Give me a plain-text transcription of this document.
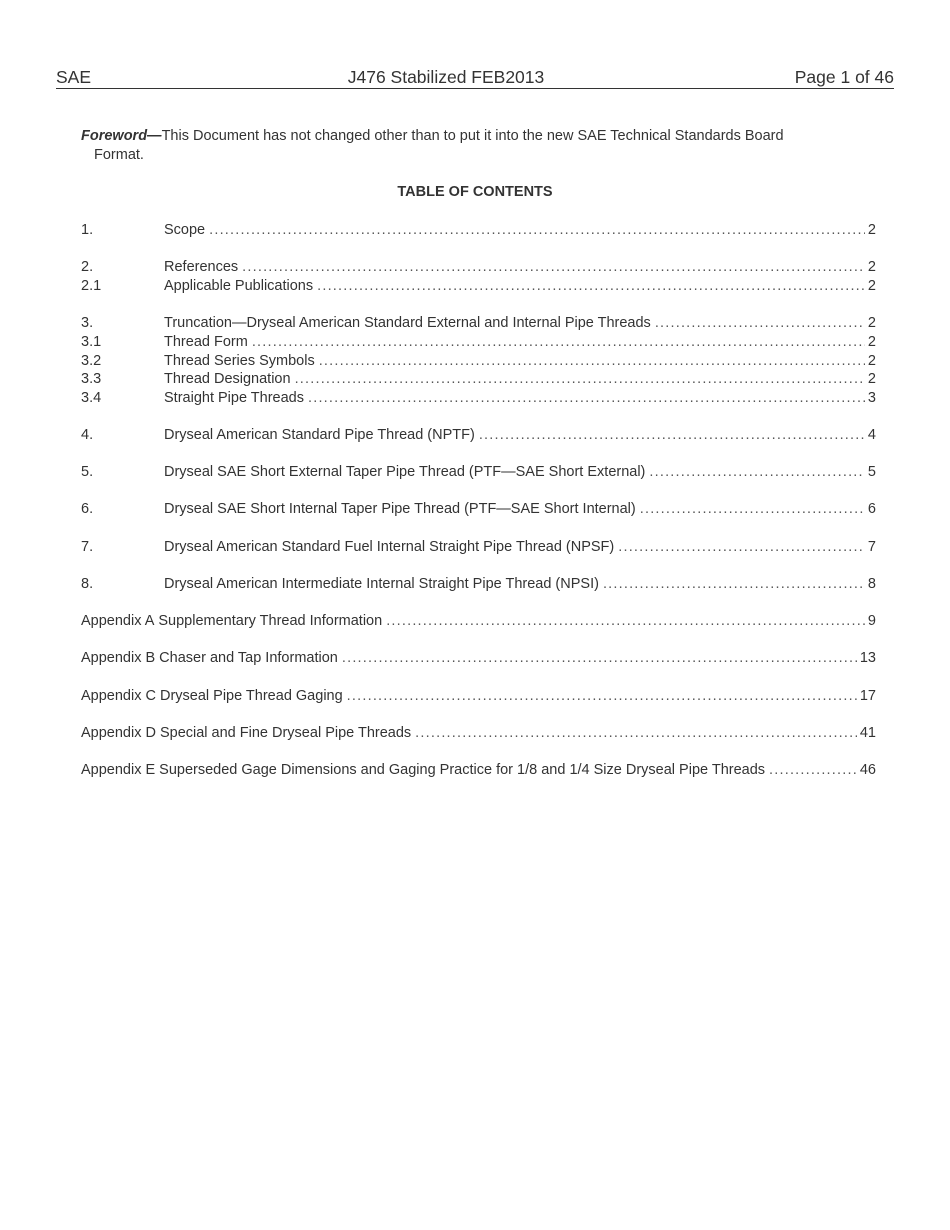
SAE	J476 Stabilized FEB2013	Page 1 of 46
Foreword—This Document has not changed other than to put it into the new SAE Technical Standards Board
Format.
TABLE OF CONTENTS
1.	Scope .....	2
2.	References .....	2
2.1	Applicable Publications .....	2
3.	Truncation—Dryseal American Standard External and Internal Pipe Threads .....	2
3.1	Thread Form .....	2
3.2	Thread Series Symbols .....	2
3.3	Thread Designation .....	2
3.4	Straight Pipe Threads .....	3
4.	Dryseal American Standard Pipe Thread (NPTF) .....	4
5.	Dryseal SAE Short External Taper Pipe Thread (PTF—SAE Short External) .....	5
6.	Dryseal SAE Short Internal Taper Pipe Thread (PTF—SAE Short Internal) .....	6
7.	Dryseal American Standard Fuel Internal Straight Pipe Thread (NPSF) .....	7
8.	Dryseal American Intermediate Internal Straight Pipe Thread (NPSI) .....	8
Appendix A Supplementary Thread Information .....	9
Appendix B Chaser and Tap Information .....	13
Appendix C Dryseal Pipe Thread Gaging .....	17
Appendix D Special and Fine Dryseal Pipe Threads .....	41
Appendix E Superseded Gage Dimensions and Gaging Practice for 1/8 and 1/4 Size Dryseal Pipe Threads .....	46
